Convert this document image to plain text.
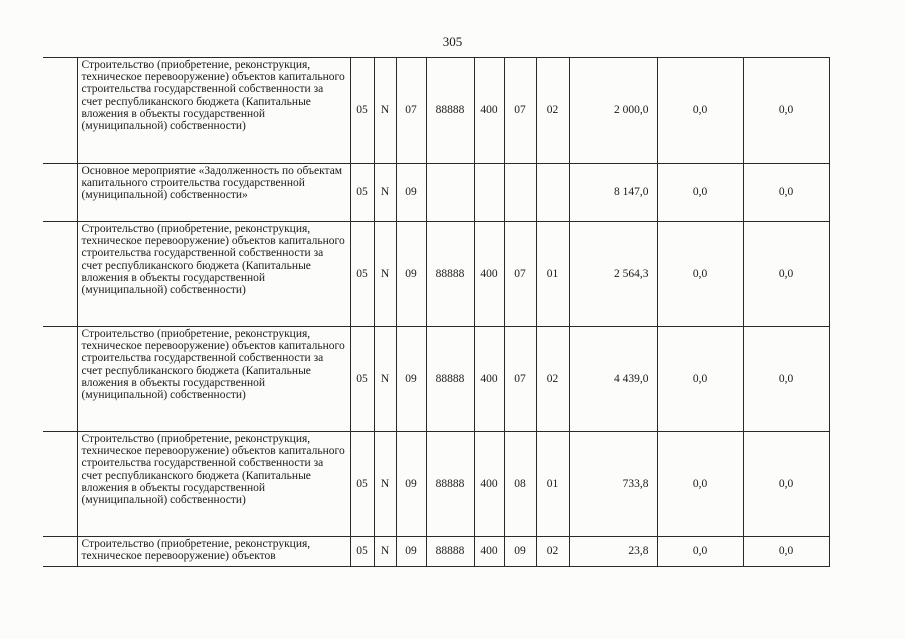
305
	Строительство (приобретение, реконструкция, техническое перевооружение) объектов капитального строительства государственной собственности за счет республиканского бюджета (Капитальные вложения в объекты государственной (муниципальной) собственности)	05	N	07	88888	400	07	02	2 000,0	0,0	0,0
	Основное мероприятие «Задолженность по объектам капитального строительства государственной (муниципальной) собственности»	05	N	09					8 147,0	0,0	0,0
	Строительство (приобретение, реконструкция, техническое перевооружение) объектов капитального строительства государственной собственности за счет республиканского бюджета (Капитальные вложения в объекты государственной (муниципальной) собственности)	05	N	09	88888	400	07	01	2 564,3	0,0	0,0
	Строительство (приобретение, реконструкция, техническое перевооружение) объектов капитального строительства государственной собственности за счет республиканского бюджета (Капитальные вложения в объекты государственной (муниципальной) собственности)	05	N	09	88888	400	07	02	4 439,0	0,0	0,0
	Строительство (приобретение, реконструкция, техническое перевооружение) объектов капитального строительства государственной собственности за счет республиканского бюджета (Капитальные вложения в объекты государственной (муниципальной) собственности)	05	N	09	88888	400	08	01	733,8	0,0	0,0
	Строительство (приобретение, реконструкция, техническое перевооружение) объектов	05	N	09	88888	400	09	02	23,8	0,0	0,0
